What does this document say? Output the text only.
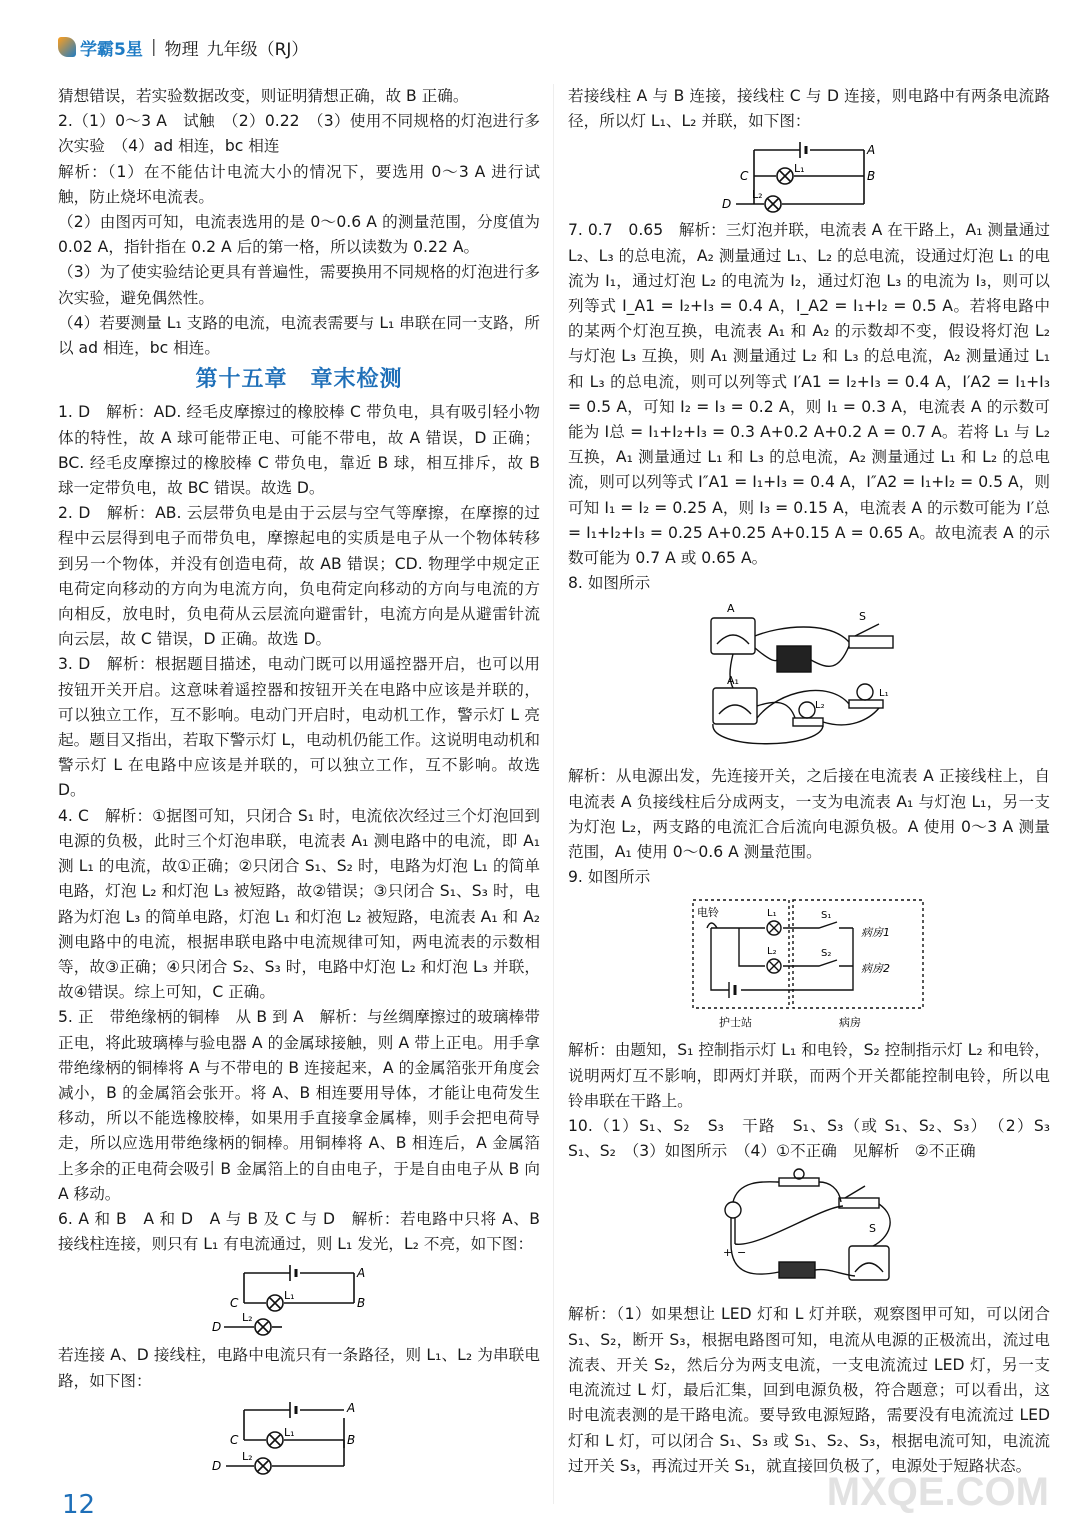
学霸5星 | 物理 九年级（RJ）

猜想错误，若实验数据改变，则证明猜想正确，故 B 正确。

2.（1）0～3 A　试触　（2）0.22　（3）使用不同规格的灯泡进行多次实验　（4）ad 相连，bc 相连

解析：（1）在不能估计电流大小的情况下，要选用 0～3 A 进行试触，防止烧坏电流表。

（2）由图丙可知，电流表选用的是 0～0.6 A 的测量范围，分度值为 0.02 A，指针指在 0.2 A 后的第一格，所以读数为 0.22 A。

（3）为了使实验结论更具有普遍性，需要换用不同规格的灯泡进行多次实验，避免偶然性。

（4）若要测量 L₁ 支路的电流，电流表需要与 L₁ 串联在同一支路，所以 ad 相连，bc 相连。

第十五章　章末检测

1. D　解析：AD. 经毛皮摩擦过的橡胶棒 C 带负电，具有吸引轻小物体的特性，故 A 球可能带正电、可能不带电，故 A 错误，D 正确；BC. 经毛皮摩擦过的橡胶棒 C 带负电，靠近 B 球，相互排斥，故 B 球一定带负电，故 BC 错误。故选 D。

2. D　解析：AB. 云层带负电是由于云层与空气等摩擦，在摩擦的过程中云层得到电子而带负电，摩擦起电的实质是电子从一个物体转移到另一个物体，并没有创造电荷，故 AB 错误；CD. 物理学中规定正电荷定向移动的方向为电流方向，负电荷定向移动的方向与电流的方向相反，放电时，负电荷从云层流向避雷针，电流方向是从避雷针流向云层，故 C 错误，D 正确。故选 D。

3. D　解析：根据题目描述，电动门既可以用遥控器开启，也可以用按钮开关开启。这意味着遥控器和按钮开关在电路中应该是并联的，可以独立工作，互不影响。电动门开启时，电动机工作，警示灯 L 亮起。题目又指出，若取下警示灯 L，电动机仍能工作。这说明电动机和警示灯 L 在电路中应该是并联的，可以独立工作，互不影响。故选 D。

4. C　解析：①据图可知，只闭合 S₁ 时，电流依次经过三个灯泡回到电源的负极，此时三个灯泡串联，电流表 A₁ 测电路中的电流，即 A₁ 测 L₁ 的电流，故①正确；②只闭合 S₁、S₂ 时，电路为灯泡 L₁ 的简单电路，灯泡 L₂ 和灯泡 L₃ 被短路，故②错误；③只闭合 S₁、S₃ 时，电路为灯泡 L₃ 的简单电路，灯泡 L₁ 和灯泡 L₂ 被短路，电流表 A₁ 和 A₂ 测电路中的电流，根据串联电路中电流规律可知，两电流表的示数相等，故③正确；④只闭合 S₂、S₃ 时，电路中灯泡 L₂ 和灯泡 L₃ 并联，故④错误。综上可知，C 正确。

5. 正　带绝缘柄的铜棒　从 B 到 A　解析：与丝绸摩擦过的玻璃棒带正电，将此玻璃棒与验电器 A 的金属球接触，则 A 带上正电。用手拿带绝缘柄的铜棒将 A 与不带电的 B 连接起来，A 的金属箔张开角度会减小，B 的金属箔会张开。将 A、B 相连要用导体，才能让电荷发生移动，所以不能选橡胶棒，如果用手直接拿金属棒，则手会把电荷导走，所以应选用带绝缘柄的铜棒。用铜棒将 A、B 相连后，A 金属箔上多余的正电荷会吸引 B 金属箔上的自由电子，于是自由电子从 B 向 A 移动。

6. A 和 B　A 和 D　A 与 B 及 C 与 D　解析：若电路中只将 A、B 接线柱连接，则只有 L₁ 有电流通过，则 L₁ 发光，L₂ 不亮，如下图：

A
B
C
D
L₁
L₂

若连接 A、D 接线柱，电路中电流只有一条路径，则 L₁、L₂ 为串联电路，如下图：

A
B
C
D
L₁
L₂

若接线柱 A 与 B 连接，接线柱 C 与 D 连接，则电路中有两条电流路径，所以灯 L₁、L₂ 并联，如下图：

A
B
C
D
L₁
L₂

7. 0.7　0.65　解析：三灯泡并联，电流表 A 在干路上，A₁ 测量通过 L₂、L₃ 的总电流，A₂ 测量通过 L₁、L₂ 的总电流，设通过灯泡 L₁ 的电流为 I₁，通过灯泡 L₂ 的电流为 I₂，通过灯泡 L₃ 的电流为 I₃，则可以列等式 I_A1 = I₂+I₃ = 0.4 A，I_A2 = I₁+I₂ = 0.5 A。若将电路中的某两个灯泡互换，电流表 A₁ 和 A₂ 的示数却不变，假设将灯泡 L₂ 与灯泡 L₃ 互换，则 A₁ 测量通过 L₂ 和 L₃ 的总电流，A₂ 测量通过 L₁ 和 L₃ 的总电流，则可以列等式 I′A1 = I₂+I₃ = 0.4 A，I′A2 = I₁+I₃ = 0.5 A，可知 I₂ = I₃ = 0.2 A，则 I₁ = 0.3 A，电流表 A 的示数可能为 I总 = I₁+I₂+I₃ = 0.3 A+0.2 A+0.2 A = 0.7 A。若将 L₁ 与 L₂ 互换，A₁ 测量通过 L₁ 和 L₃ 的总电流，A₂ 测量通过 L₁ 和 L₂ 的总电流，则可以列等式 I″A1 = I₁+I₃ = 0.4 A，I″A2 = I₁+I₂ = 0.5 A，则可知 I₁ = I₂ = 0.25 A，则 I₃ = 0.15 A，电流表 A 的示数可能为 I′总 = I₁+I₂+I₃ = 0.25 A+0.25 A+0.15 A = 0.65 A。故电流表 A 的示数可能为 0.7 A 或 0.65 A。

8. 如图所示

A
A₁
S
L₁
L₂

解析：从电源出发，先连接开关，之后接在电流表 A 正接线柱上，自电流表 A 负接线柱后分成两支，一支为电流表 A₁ 与灯泡 L₁，另一支为灯泡 L₂，两支路的电流汇合后流向电源负极。A 使用 0～3 A 测量范围，A₁ 使用 0～0.6 A 测量范围。

9. 如图所示

电铃	L₁
L₂
S₁
S₂
病房1
病房2
护士站	病房

解析：由题知，S₁ 控制指示灯 L₁ 和电铃，S₂ 控制指示灯 L₂ 和电铃，说明两灯互不影响，即两灯并联，而两个开关都能控制电铃，所以电铃串联在干路上。

10.（1）S₁、S₂　S₃　干路　S₁、S₃（或 S₁、S₂、S₃）　（2）S₃　S₁、S₂　（3）如图所示　（4）①不正确　见解析　②不正确

S
+ −

解析：（1）如果想让 LED 灯和 L 灯并联，观察图甲可知，可以闭合 S₁、S₂，断开 S₃，根据电路图可知，电流从电源的正极流出，流过电流表、开关 S₂，然后分为两支电流，一支电流流过 LED 灯，另一支电流流过 L 灯，最后汇集，回到电源负极，符合题意；可以看出，这时电流表测的是干路电流。要导致电源短路，需要没有电流流过 LED 灯和 L 灯，可以闭合 S₁、S₃ 或 S₁、S₂、S₃，根据电流可知，电流流过开关 S₃，再流过开关 S₁，就直接回负极了，电源处于短路状态。

12	MXQE.COM
